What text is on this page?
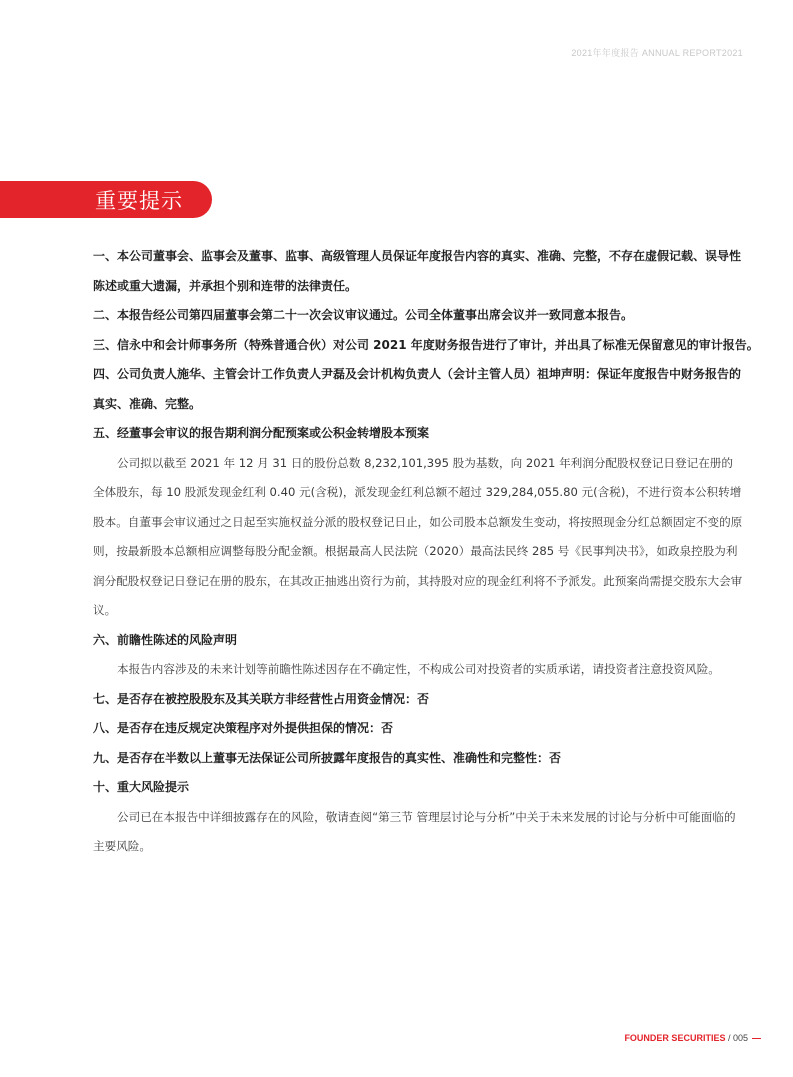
2021年年度报告 ANNUAL REPORT2021
重要提示

一、本公司董事会、监事会及董事、监事、高级管理人员保证年度报告内容的真实、准确、完整，不存在虚假记载、误导性陈述或重大遗漏，并承担个别和连带的法律责任。

二、本报告经公司第四届董事会第二十一次会议审议通过。公司全体董事出席会议并一致同意本报告。

三、信永中和会计师事务所（特殊普通合伙）对公司 2021 年度财务报告进行了审计，并出具了标准无保留意见的审计报告。

四、公司负责人施华、主管会计工作负责人尹磊及会计机构负责人（会计主管人员）祖坤声明：保证年度报告中财务报告的真实、准确、完整。

五、经董事会审议的报告期利润分配预案或公积金转增股本预案

公司拟以截至 2021 年 12 月 31 日的股份总数 8,232,101,395 股为基数，向 2021 年利润分配股权登记日登记在册的全体股东，每 10 股派发现金红利 0.40 元(含税)，派发现金红利总额不超过 329,284,055.80 元(含税)，不进行资本公积转增股本。自董事会审议通过之日起至实施权益分派的股权登记日止，如公司股本总额发生变动，将按照现金分红总额固定不变的原则，按最新股本总额相应调整每股分配金额。根据最高人民法院（2020）最高法民终 285 号《民事判决书》，如政泉控股为利润分配股权登记日登记在册的股东，在其改正抽逃出资行为前，其持股对应的现金红利将不予派发。此预案尚需提交股东大会审议。

六、前瞻性陈述的风险声明

本报告内容涉及的未来计划等前瞻性陈述因存在不确定性，不构成公司对投资者的实质承诺，请投资者注意投资风险。

七、是否存在被控股股东及其关联方非经营性占用资金情况：否

八、是否存在违反规定决策程序对外提供担保的情况：否

九、是否存在半数以上董事无法保证公司所披露年度报告的真实性、准确性和完整性：否

十、重大风险提示

公司已在本报告中详细披露存在的风险，敬请查阅“第三节 管理层讨论与分析”中关于未来发展的讨论与分析中可能面临的主要风险。

FOUNDER SECURITIES / 005
